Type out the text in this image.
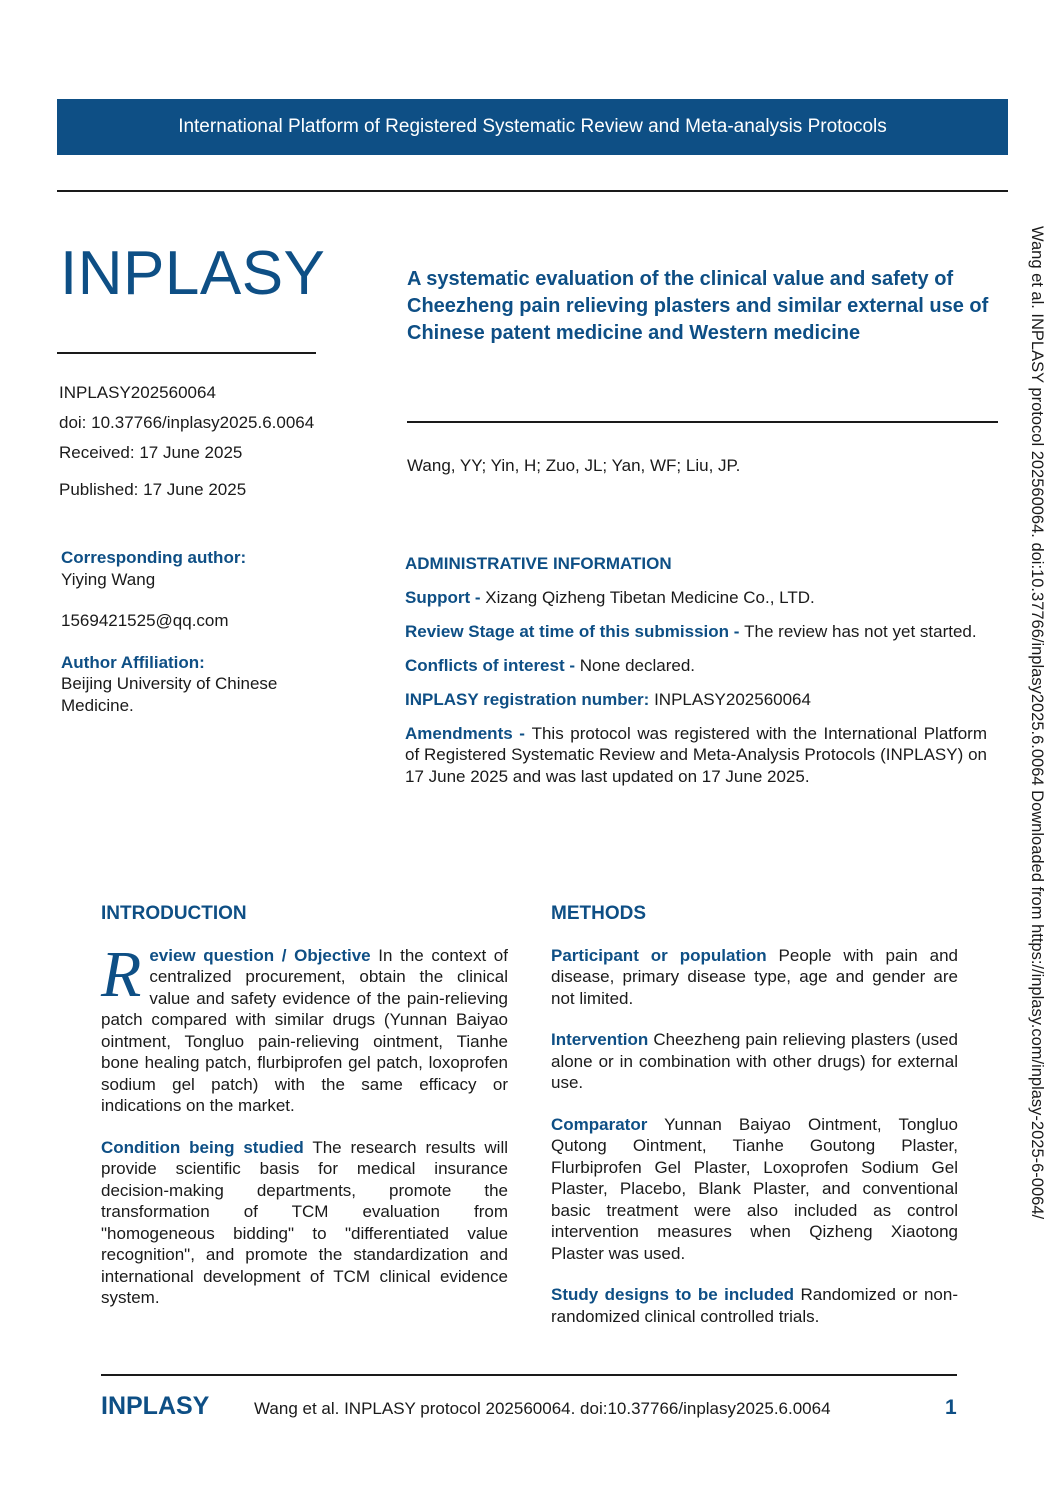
International Platform of Registered Systematic Review and Meta-analysis Protocols
INPLASY
INPLASY202560064
doi: 10.37766/inplasy2025.6.0064
Received: 17 June 2025
Published: 17 June 2025
A systematic evaluation of the clinical value and safety of Cheezheng pain relieving plasters and similar external use of Chinese patent medicine and Western medicine
Wang, YY; Yin, H; Zuo, JL; Yan, WF; Liu, JP.
Corresponding author:
Yiying Wang
1569421525@qq.com
Author Affiliation:
Beijing University of Chinese Medicine.
ADMINISTRATIVE INFORMATION

Support - Xizang Qizheng Tibetan Medicine Co., LTD.

Review Stage at time of this submission - The review has not yet started.

Conflicts of interest - None declared.

INPLASY registration number: INPLASY202560064

Amendments - This protocol was registered with the International Platform of Registered Systematic Review and Meta-Analysis Protocols (INPLASY) on 17 June 2025 and was last updated on 17 June 2025.

INTRODUCTION

Review question / Objective In the context of centralized procurement, obtain the clinical value and safety evidence of the pain-relieving patch compared with similar drugs (Yunnan Baiyao ointment, Tongluo pain-relieving ointment, Tianhe bone healing patch, flurbiprofen gel patch, loxoprofen sodium gel patch) with the same efficacy or indications on the market.

Condition being studied The research results will provide scientific basis for medical insurance decision-making departments, promote the transformation of TCM evaluation from "homogeneous bidding" to "differentiated value recognition", and promote the standardization and international development of TCM clinical evidence system.

METHODS

Participant or population People with pain and disease, primary disease type, age and gender are not limited.

Intervention Cheezheng pain relieving plasters (used alone or in combination with other drugs) for external use.

Comparator Yunnan Baiyao Ointment, Tongluo Qutong Ointment, Tianhe Goutong Plaster, Flurbiprofen Gel Plaster, Loxoprofen Sodium Gel Plaster, Placebo, Blank Plaster, and conventional basic treatment were also included as control intervention measures when Qizheng Xiaotong Plaster was used.

Study designs to be included Randomized or non-randomized clinical controlled trials.

INPLASY	Wang et al. INPLASY protocol 202560064. doi:10.37766/inplasy2025.6.0064	1
Wang et al. INPLASY protocol 202560064. doi:10.37766/inplasy2025.6.0064 Downloaded from https://inplasy.com/inplasy-2025-6-0064/
